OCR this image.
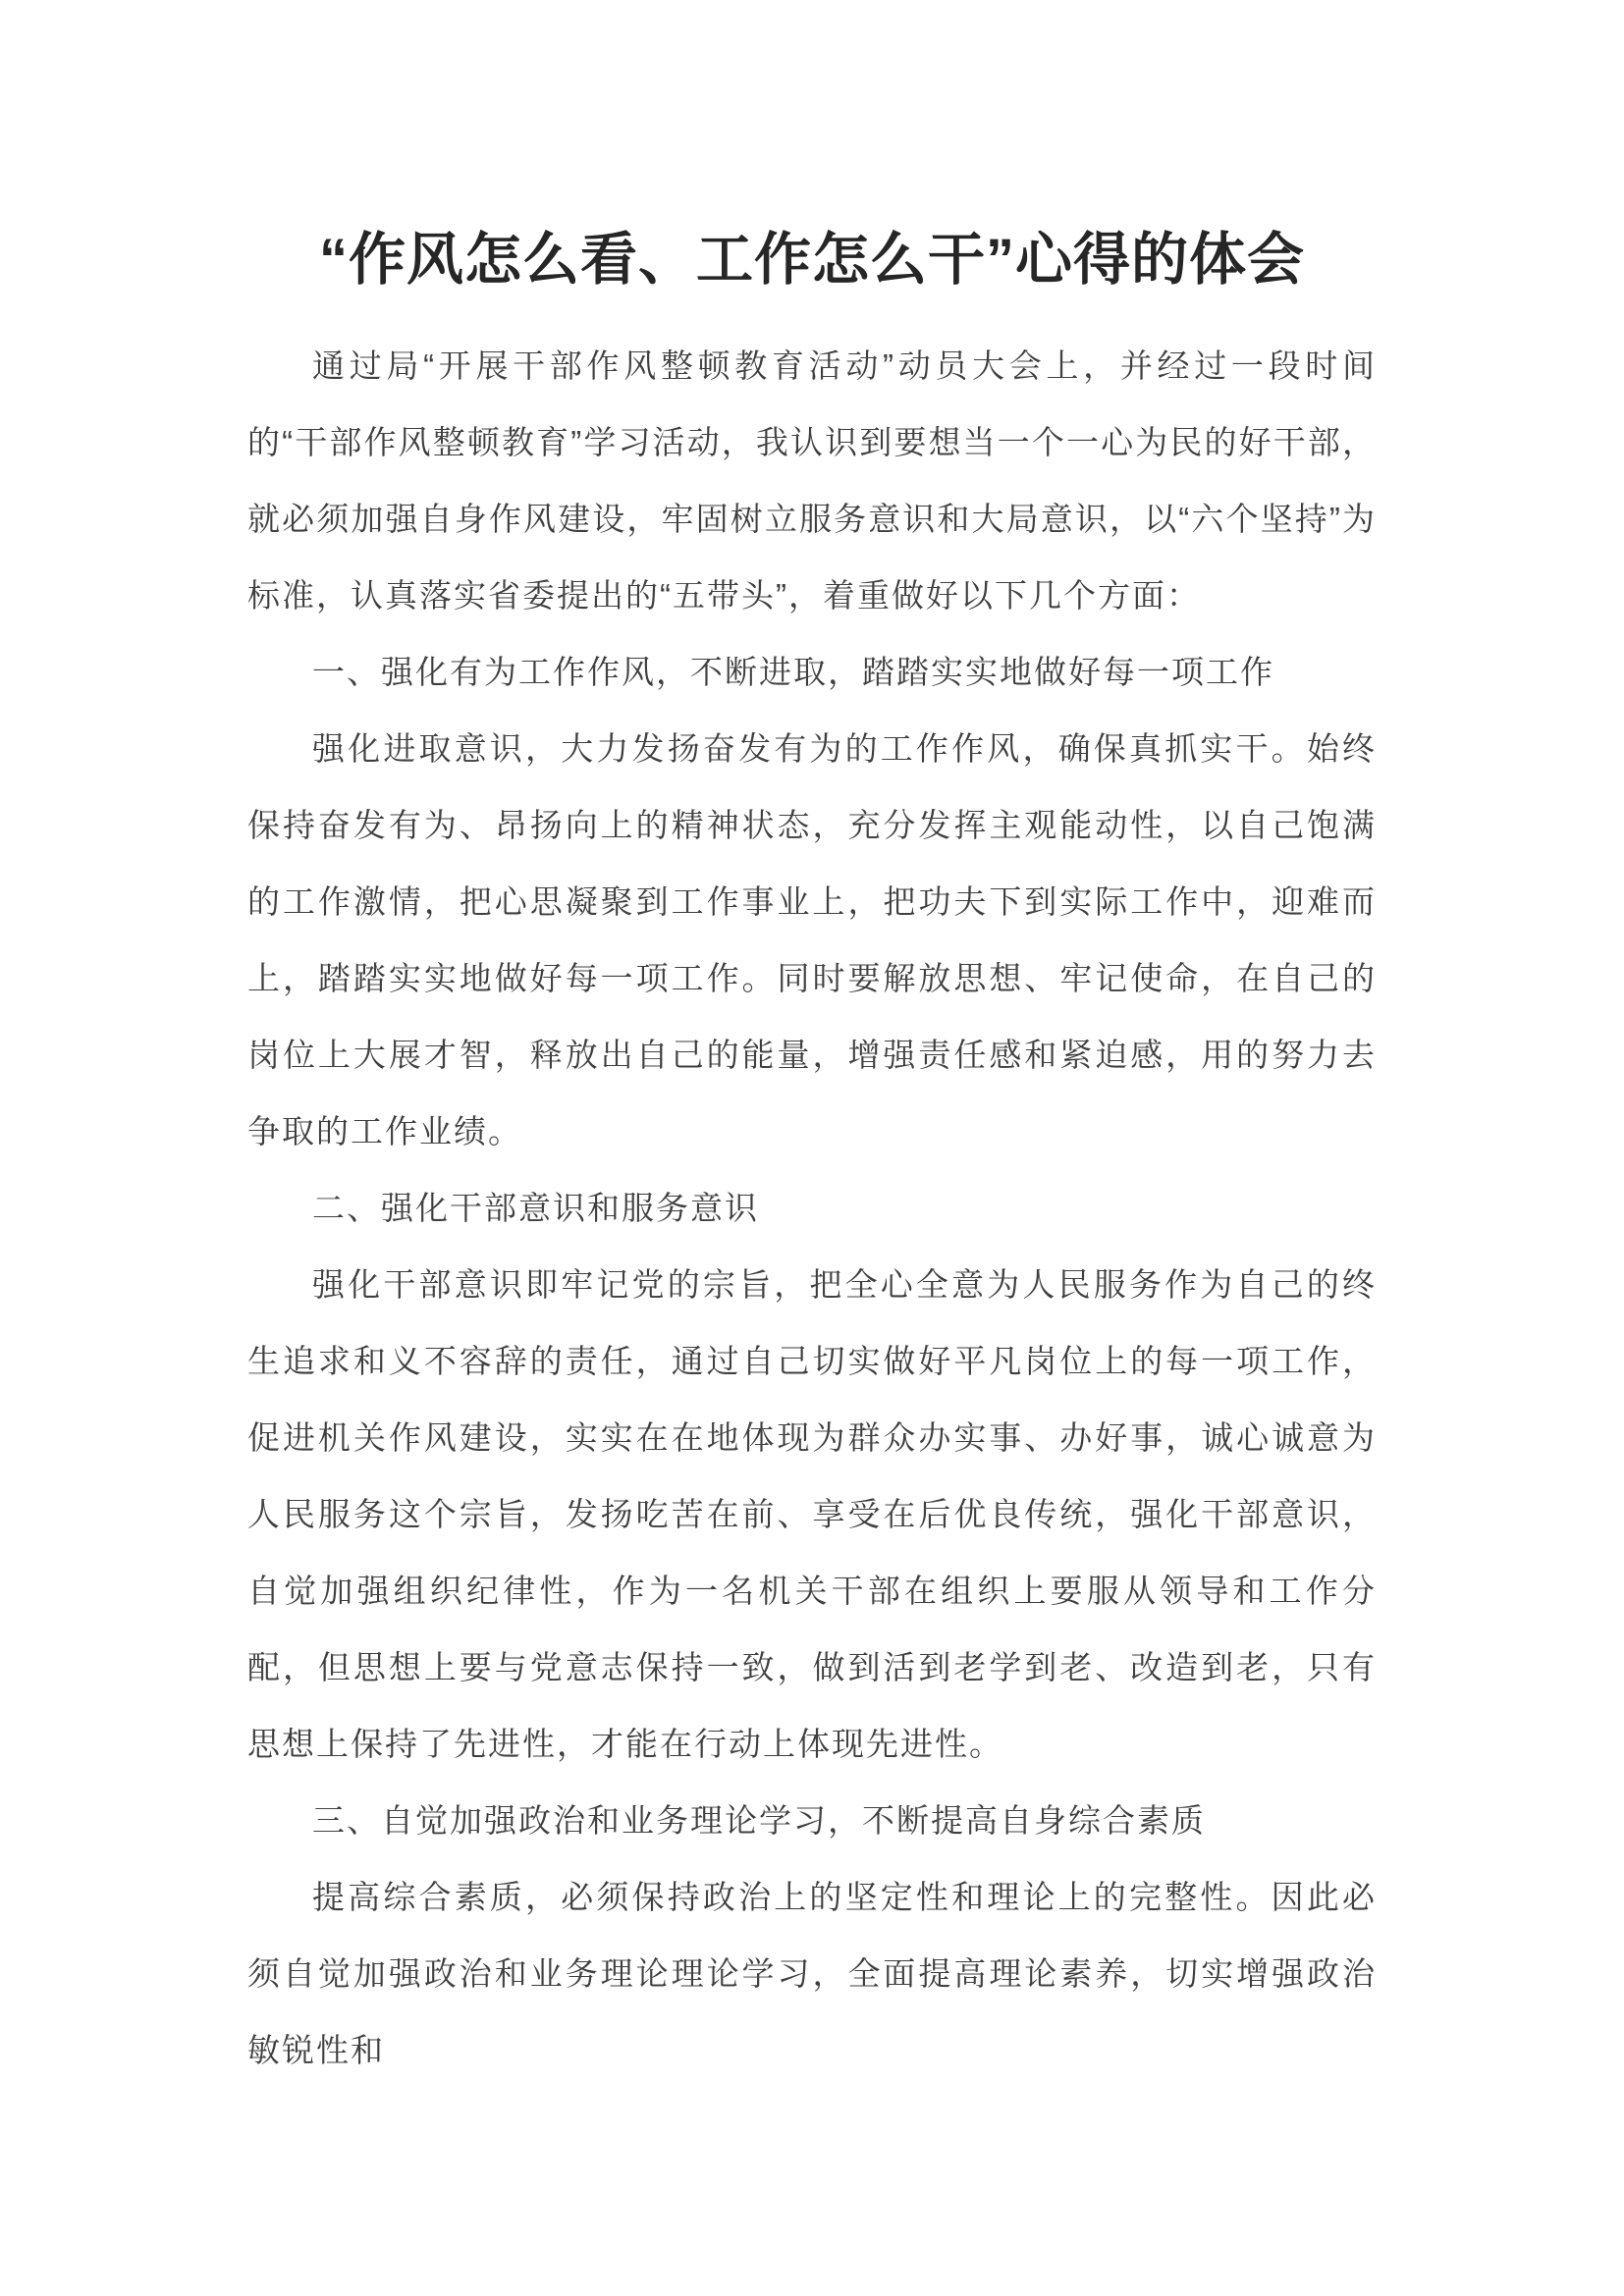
“作风怎么看、工作怎么干”心得的体会

通过局“开展干部作风整顿教育活动”动员大会上，并经过一段时间的“干部作风整顿教育”学习活动，我认识到要想当一个一心为民的好干部，就必须加强自身作风建设，牢固树立服务意识和大局意识，以“六个坚持”为标准，认真落实省委提出的“五带头”，着重做好以下几个方面：

一、强化有为工作作风，不断进取，踏踏实实地做好每一项工作

强化进取意识，大力发扬奋发有为的工作作风，确保真抓实干。始终保持奋发有为、昂扬向上的精神状态，充分发挥主观能动性，以自己饱满的工作激情，把心思凝聚到工作事业上，把功夫下到实际工作中，迎难而上，踏踏实实地做好每一项工作。同时要解放思想、牢记使命，在自己的岗位上大展才智，释放出自己的能量，增强责任感和紧迫感，用的努力去争取的工作业绩。

二、强化干部意识和服务意识

强化干部意识即牢记党的宗旨，把全心全意为人民服务作为自己的终生追求和义不容辞的责任，通过自己切实做好平凡岗位上的每一项工作，促进机关作风建设，实实在在地体现为群众办实事、办好事，诚心诚意为人民服务这个宗旨，发扬吃苦在前、享受在后优良传统，强化干部意识，自觉加强组织纪律性，作为一名机关干部在组织上要服从领导和工作分配，但思想上要与党意志保持一致，做到活到老学到老、改造到老，只有思想上保持了先进性，才能在行动上体现先进性。

三、自觉加强政治和业务理论学习，不断提高自身综合素质

提高综合素质，必须保持政治上的坚定性和理论上的完整性。因此必须自觉加强政治和业务理论理论学习，全面提高理论素养，切实增强政治敏锐性和
